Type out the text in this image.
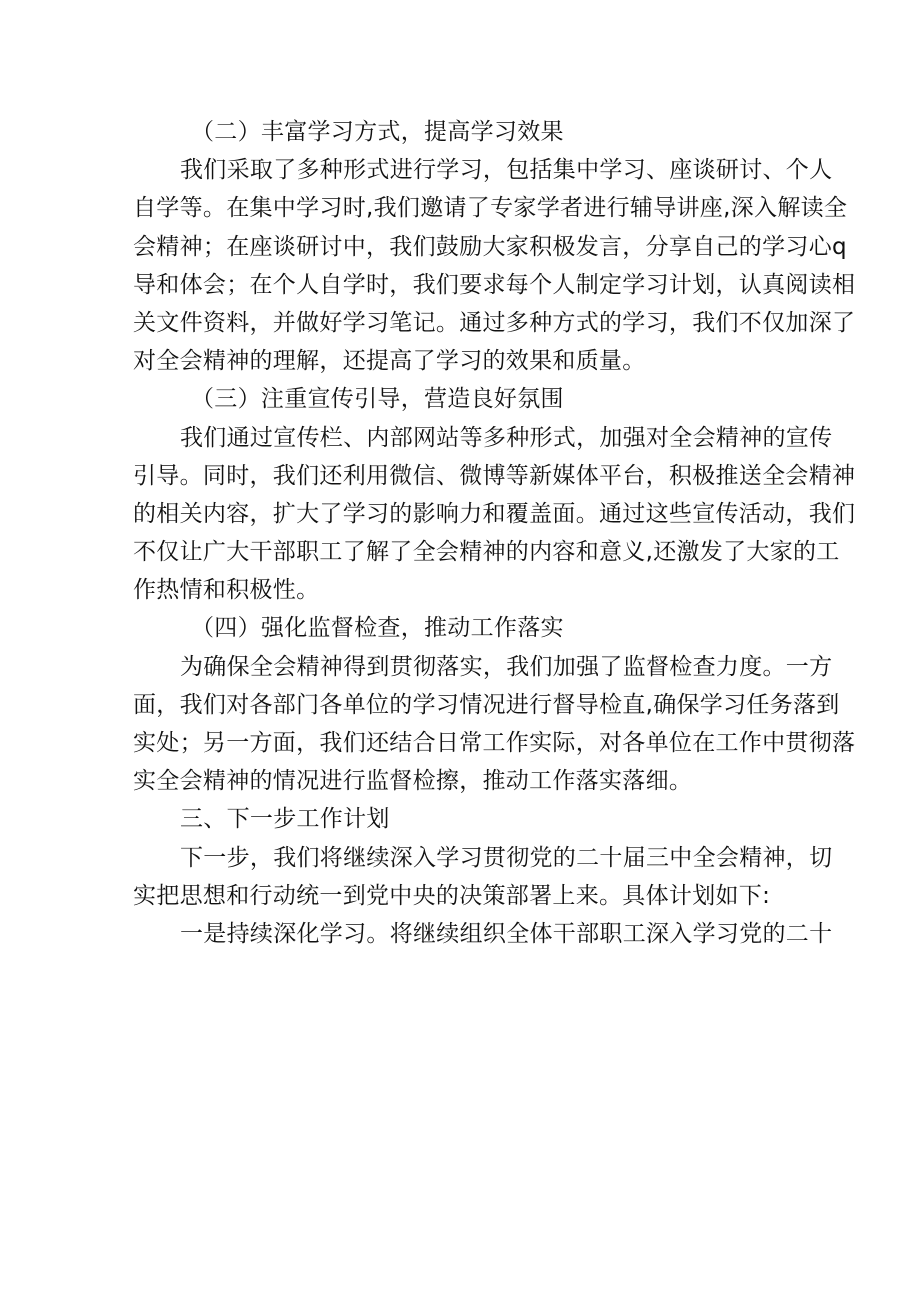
（二）丰富学习方式，提高学习效果
我们采取了多种形式进行学习，包括集中学习、座谈研讨、个人
自学等。在集中学习时,我们邀请了专家学者进行辅导讲座,深入解读全
会精神；在座谈研讨中，我们鼓励大家积极发言，分享自己的学习心q
导和体会；在个人自学时，我们要求每个人制定学习计划，认真阅读相
关文件资料，并做好学习笔记。通过多种方式的学习，我们不仅加深了
对全会精神的理解，还提高了学习的效果和质量。
（三）注重宣传引导，营造良好氛围
我们通过宣传栏、内部网站等多种形式，加强对全会精神的宣传
引导。同时，我们还利用微信、微博等新媒体平台，积极推送全会精神
的相关内容，扩大了学习的影响力和覆盖面。通过这些宣传活动，我们
不仅让广大干部职工了解了全会精神的内容和意义,还激发了大家的工
作热情和积极性。
（四）强化监督检查，推动工作落实
为确保全会精神得到贯彻落实，我们加强了监督检查力度。一方
面，我们对各部门各单位的学习情况进行督导检直,确保学习任务落到
实处；另一方面，我们还结合日常工作实际，对各单位在工作中贯彻落
实全会精神的情况进行监督检擦，推动工作落实落细。
三、下一步工作计划
下一步，我们将继续深入学习贯彻党的二十届三中全会精神，切
实把思想和行动统一到党中央的决策部署上来。具体计划如下:
一是持续深化学习。将继续组织全体干部职工深入学习党的二十
